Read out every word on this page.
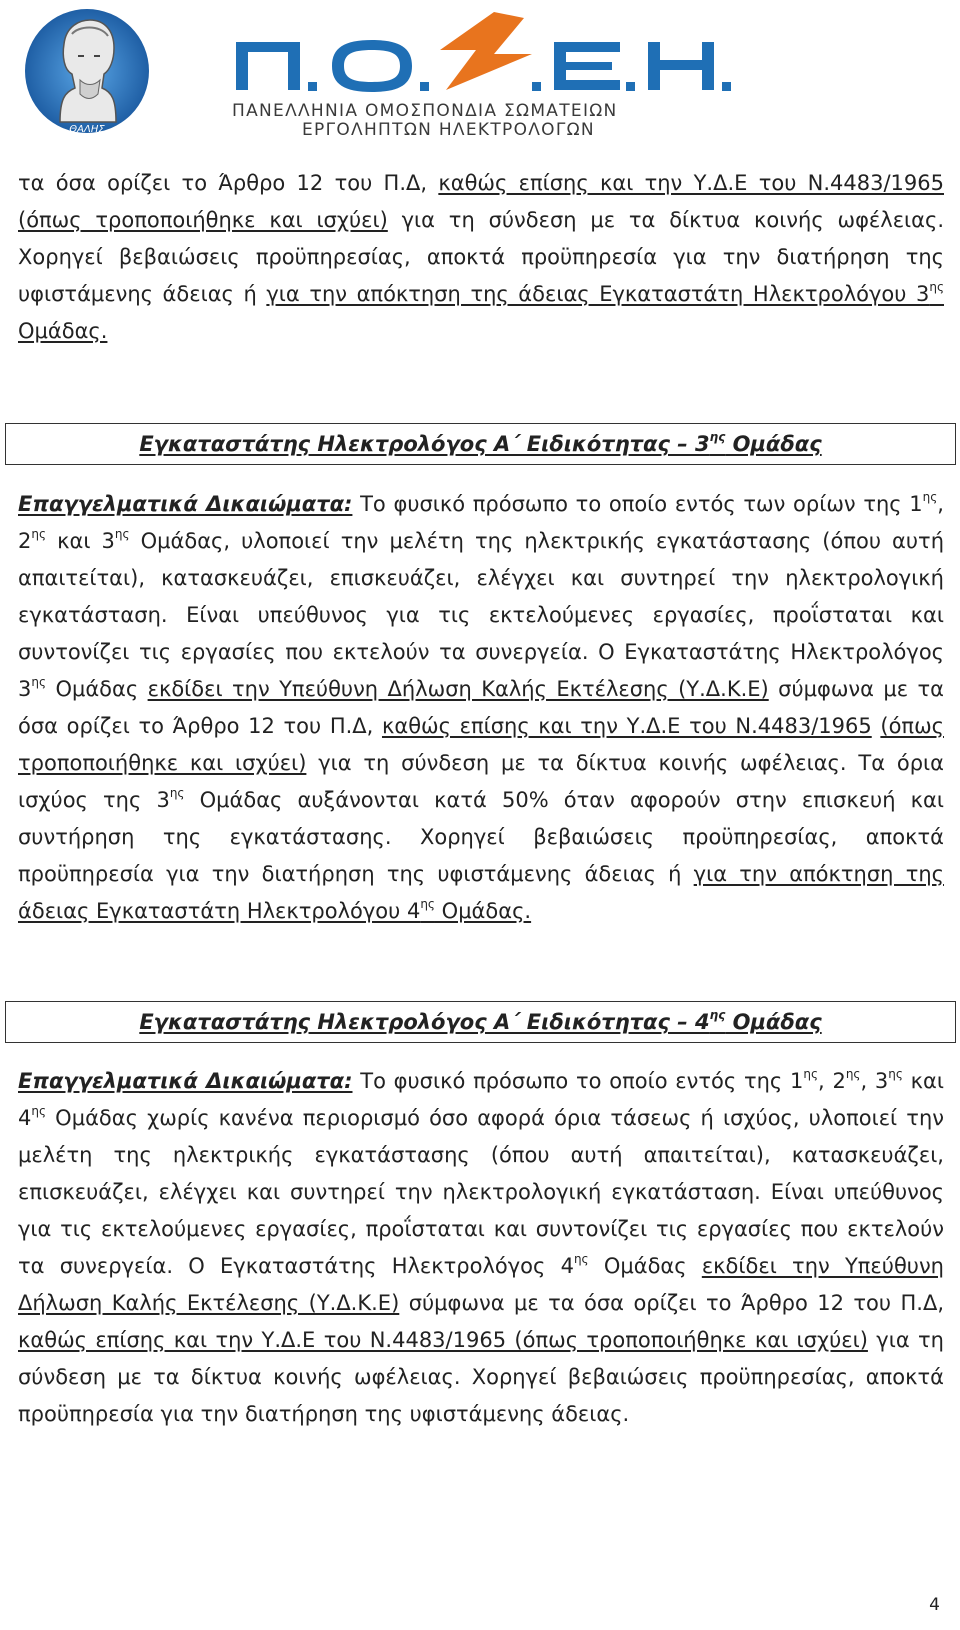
ΘΑΛΗΣ
ΠΑΝΕΛΛΗΝΙΑ ΟΜΟΣΠΟΝΔΙΑ ΣΩΜΑΤΕΙΩΝ
ΕΡΓΟΛΗΠΤΩΝ ΗΛΕΚΤΡΟΛΟΓΩΝ

τα όσα ορίζει το Άρθρο 12 του Π.Δ, καθώς επίσης και την Υ.Δ.Ε του Ν.4483/1965 (όπως τροποποιήθηκε και ισχύει) για τη σύνδεση με τα δίκτυα κοινής ωφέλειας. Χορηγεί βεβαιώσεις προϋπηρεσίας, αποκτά προϋπηρεσία για την διατήρηση της υφιστάμενης άδειας ή για την απόκτηση της άδειας Εγκαταστάτη Ηλεκτρολόγου $3^{\eta\varsigma}$ Ομάδας.

Εγκαταστάτης Ηλεκτρολόγος Α΄ Ειδικότητας – $3^{\eta\varsigma}$ Ομάδας

Επαγγελματικά Δικαιώματα: Το φυσικό πρόσωπο το οποίο εντός των ορίων της $1^{\eta\varsigma}$, $2^{\eta\varsigma}$ και $3^{\eta\varsigma}$ Ομάδας, υλοποιεί την μελέτη της ηλεκτρικής εγκατάστασης (όπου αυτή απαιτείται), κατασκευάζει, επισκευάζει, ελέγχει και συντηρεί την ηλεκτρολογική εγκατάσταση. Είναι υπεύθυνος για τις εκτελούμενες εργασίες, προΐσταται και συντονίζει τις εργασίες που εκτελούν τα συνεργεία. Ο Εγκαταστάτης Ηλεκτρολόγος $3^{\eta\varsigma}$ Ομάδας εκδίδει την Υπεύθυνη Δήλωση Καλής Εκτέλεσης (Υ.Δ.Κ.Ε) σύμφωνα με τα όσα ορίζει το Άρθρο 12 του Π.Δ, καθώς επίσης και την Υ.Δ.Ε του Ν.4483/1965 (όπως τροποποιήθηκε και ισχύει) για τη σύνδεση με τα δίκτυα κοινής ωφέλειας. Τα όρια ισχύος της $3^{\eta\varsigma}$ Ομάδας αυξάνονται κατά 50% όταν αφορούν στην επισκευή και συντήρηση της εγκατάστασης. Χορηγεί βεβαιώσεις προϋπηρεσίας, αποκτά προϋπηρεσία για την διατήρηση της υφιστάμενης άδειας ή για την απόκτηση της άδειας Εγκαταστάτη Ηλεκτρολόγου $4^{\eta\varsigma}$ Ομάδας.

Εγκαταστάτης Ηλεκτρολόγος Α΄ Ειδικότητας – $4^{\eta\varsigma}$ Ομάδας

Επαγγελματικά Δικαιώματα: Το φυσικό πρόσωπο το οποίο εντός της $1^{\eta\varsigma}$, $2^{\eta\varsigma}$, $3^{\eta\varsigma}$ και $4^{\eta\varsigma}$ Ομάδας χωρίς κανένα περιορισμό όσο αφορά όρια τάσεως ή ισχύος, υλοποιεί την μελέτη της ηλεκτρικής εγκατάστασης (όπου αυτή απαιτείται), κατασκευάζει, επισκευάζει, ελέγχει και συντηρεί την ηλεκτρολογική εγκατάσταση. Είναι υπεύθυνος για τις εκτελούμενες εργασίες, προΐσταται και συντονίζει τις εργασίες που εκτελούν τα συνεργεία. Ο Εγκαταστάτης Ηλεκτρολόγος $4^{\eta\varsigma}$ Ομάδας εκδίδει την Υπεύθυνη Δήλωση Καλής Εκτέλεσης (Υ.Δ.Κ.Ε) σύμφωνα με τα όσα ορίζει το Άρθρο 12 του Π.Δ, καθώς επίσης και την Υ.Δ.Ε του Ν.4483/1965 (όπως τροποποιήθηκε και ισχύει) για τη σύνδεση με τα δίκτυα κοινής ωφέλειας. Χορηγεί βεβαιώσεις προϋπηρεσίας, αποκτά προϋπηρεσία για την διατήρηση της υφιστάμενης άδειας.

4
